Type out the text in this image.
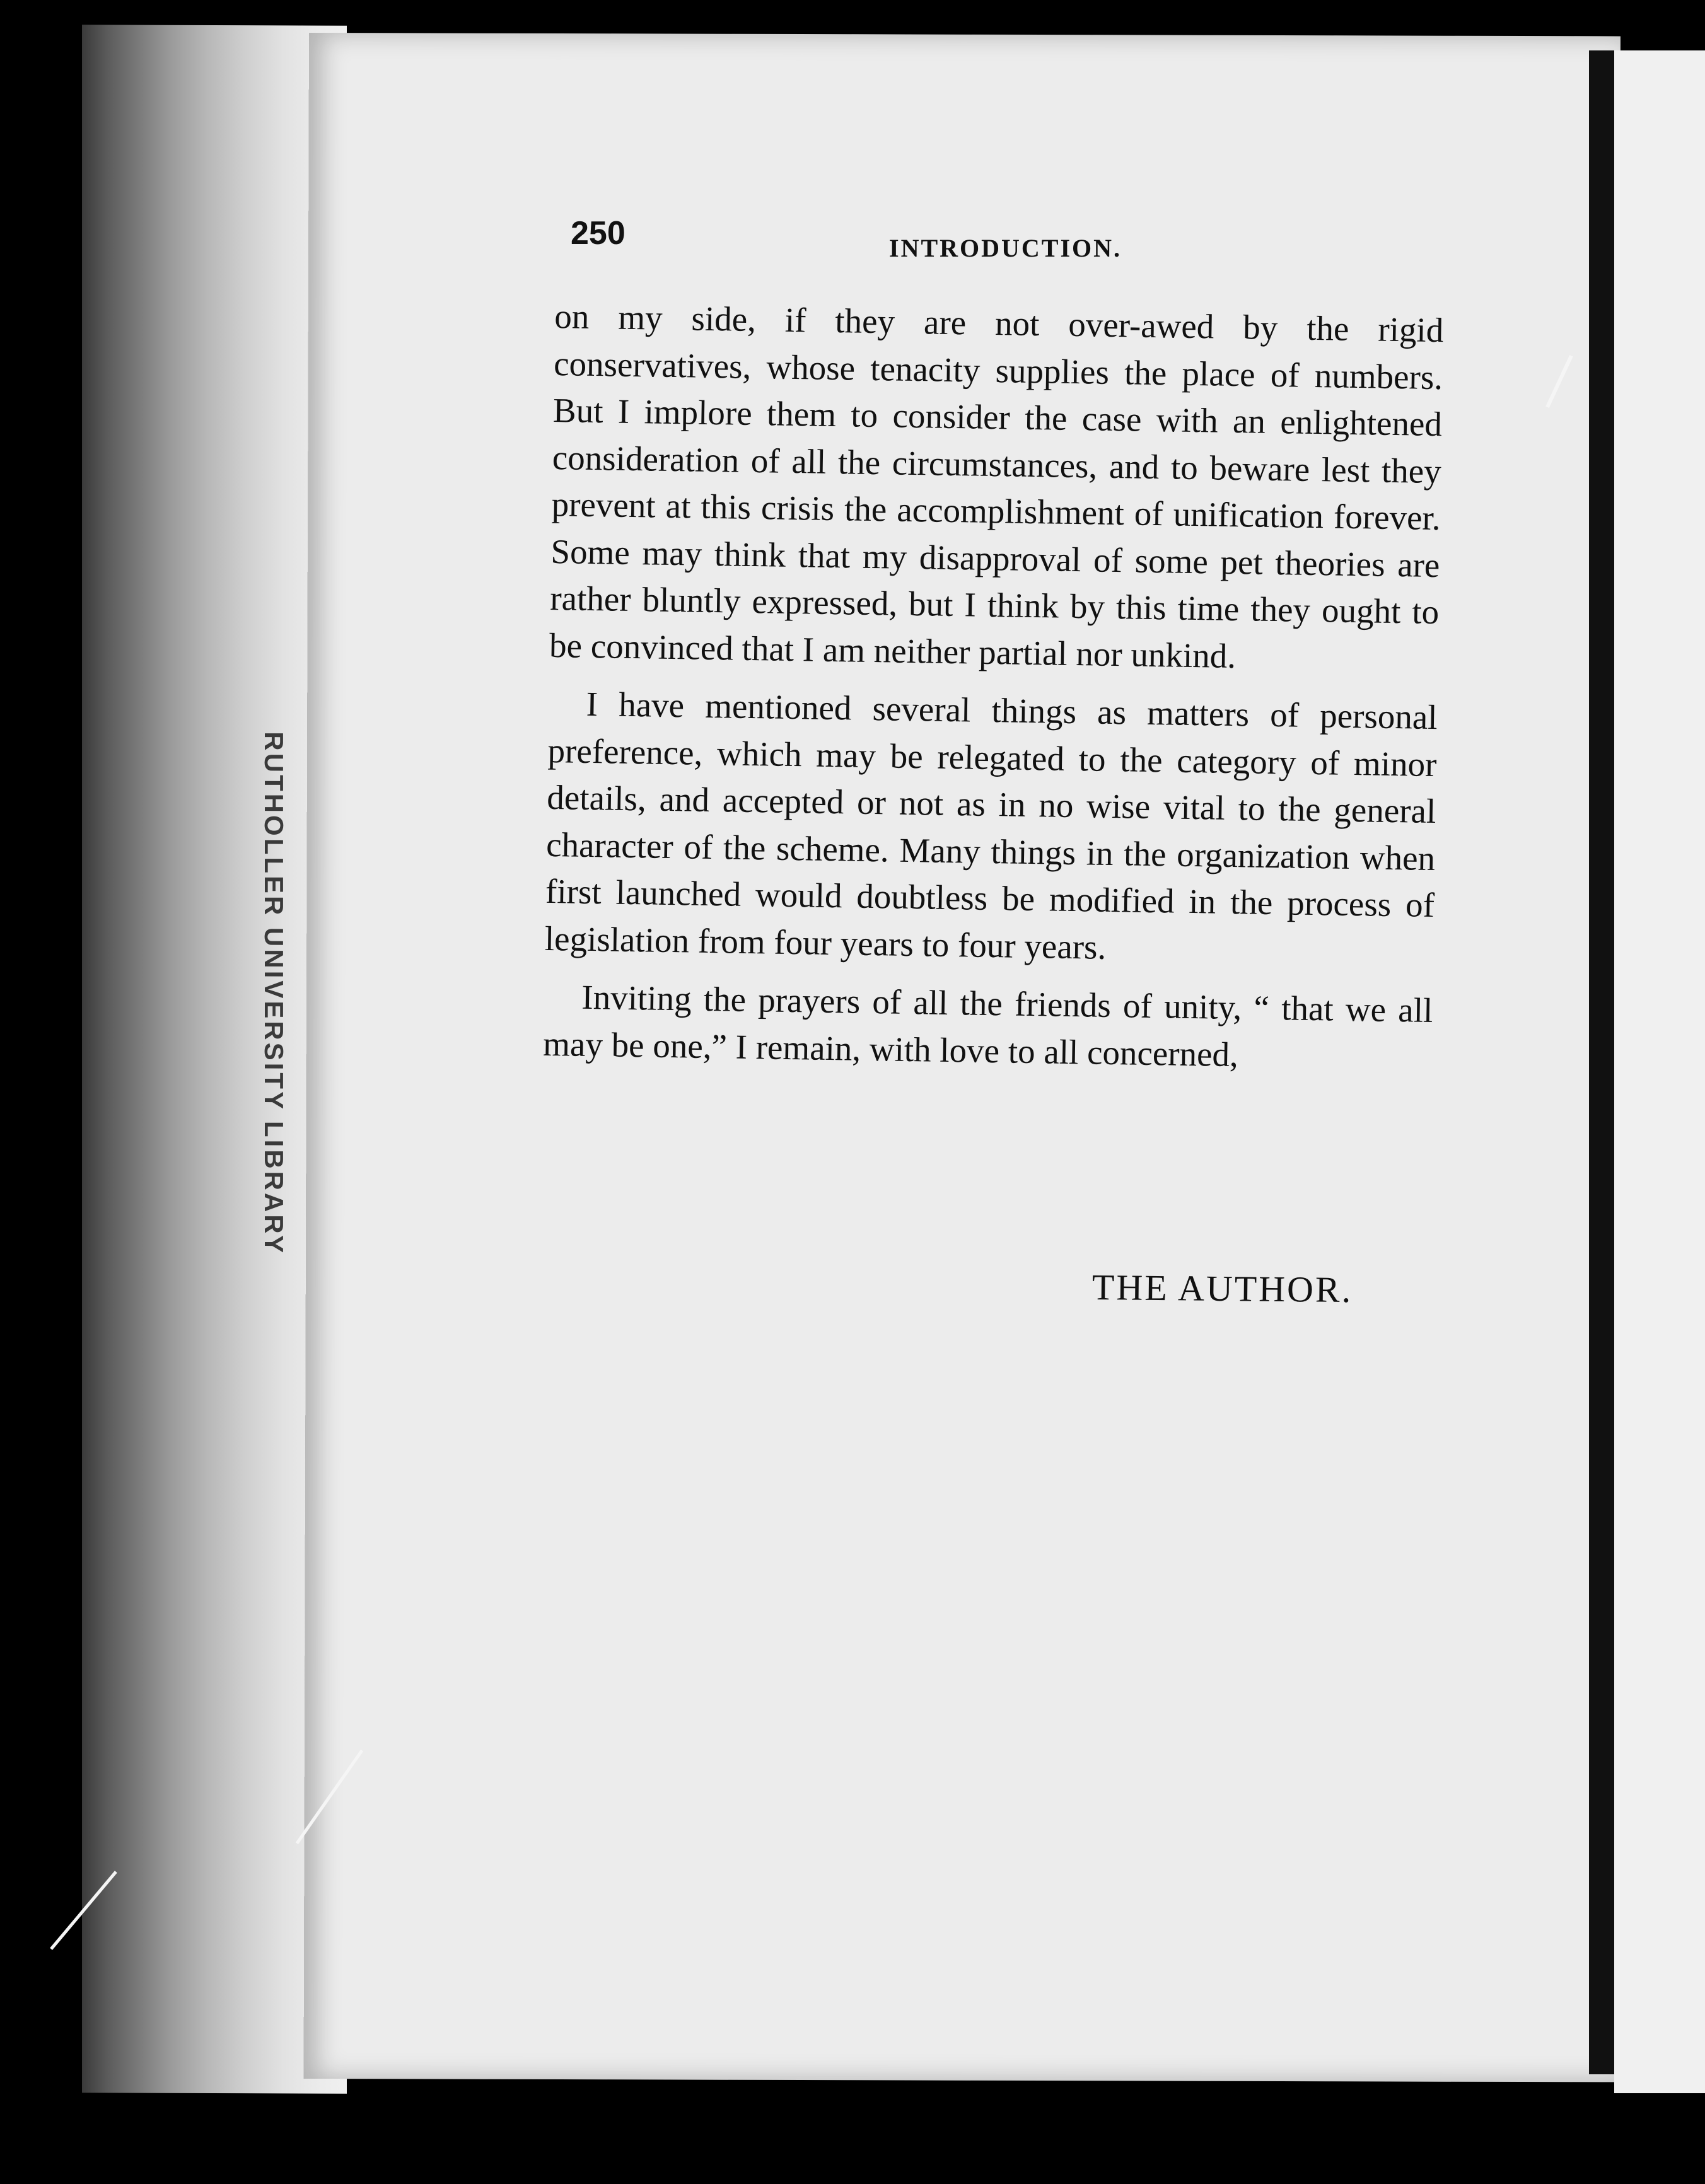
RUTHOLLER UNIVERSITY LIBRARY
250	INTRODUCTION.

on my side, if they are not over-awed by the rigid conservatives, whose tenacity supplies the place of numbers. But I implore them to consider the case with an enlightened consideration of all the circumstances, and to beware lest they prevent at this crisis the accomplishment of unification forever. Some may think that my disapproval of some pet theories are rather bluntly expressed, but I think by this time they ought to be convinced that I am neither partial nor unkind.

I have mentioned several things as matters of personal preference, which may be relegated to the category of minor details, and accepted or not as in no wise vital to the general character of the scheme. Many things in the organization when first launched would doubtless be modified in the process of legislation from four years to four years.

Inviting the prayers of all the friends of unity, “ that we all may be one,” I remain, with love to all concerned,

THE AUTHOR.
